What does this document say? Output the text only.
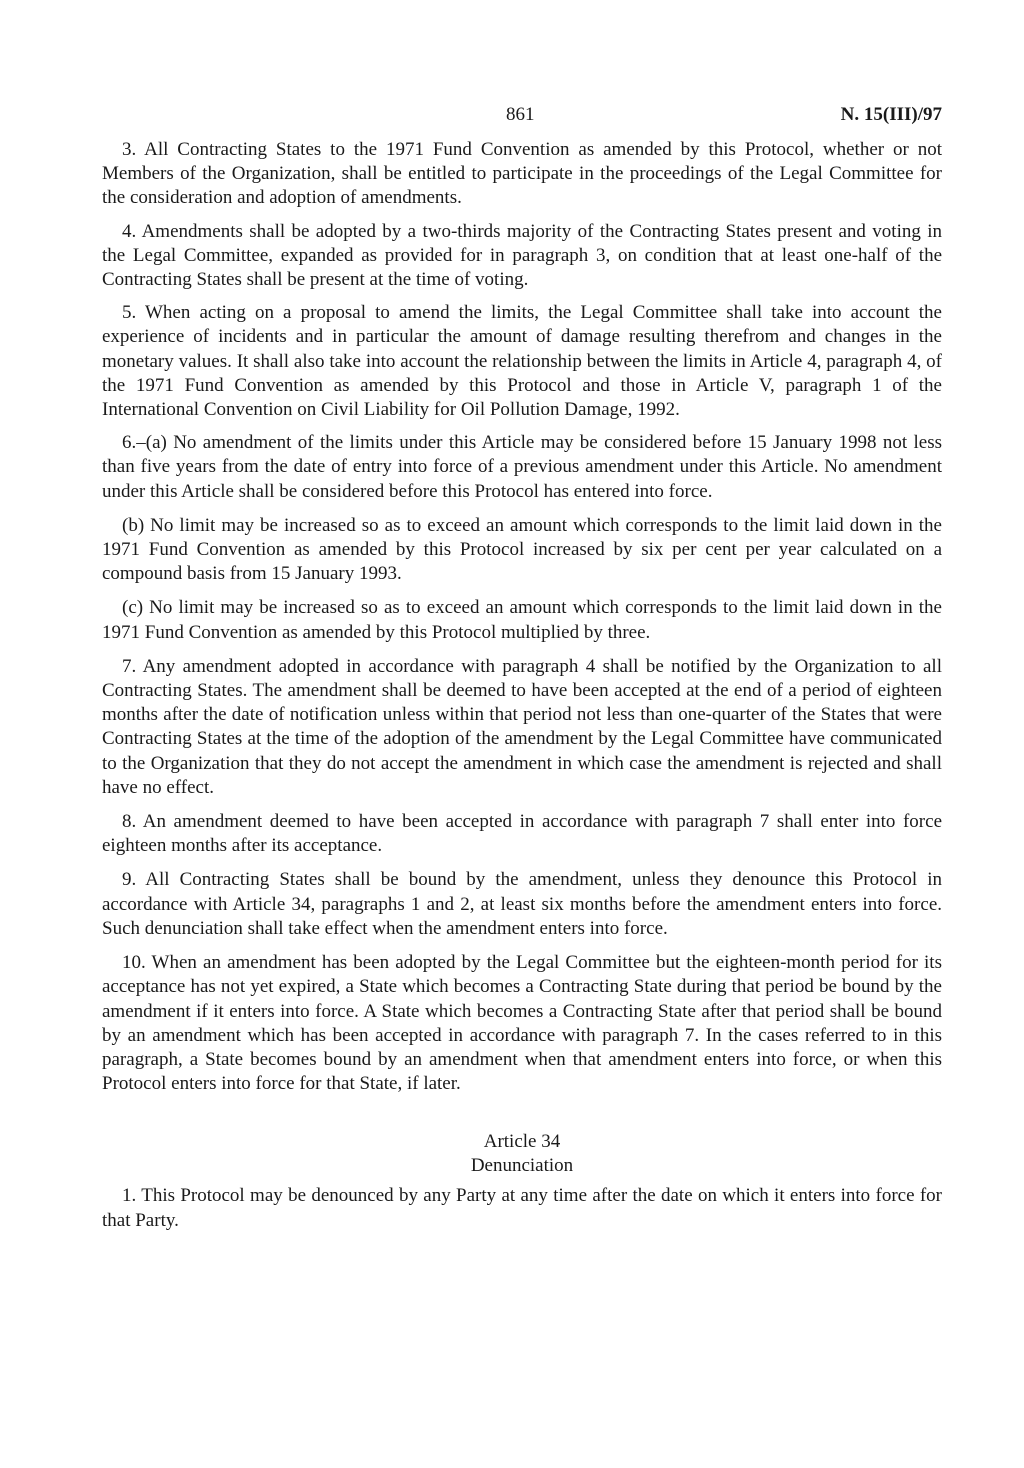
861	N. 15(III)/97

3. All Contracting States to the 1971 Fund Convention as amended by this Protocol, whether or not Members of the Organization, shall be entitled to participate in the proceedings of the Legal Committee for the consideration and adoption of amendments.

4. Amendments shall be adopted by a two-thirds majority of the Contracting States present and voting in the Legal Committee, expanded as provided for in paragraph 3, on condition that at least one-half of the Contracting States shall be present at the time of voting.

5. When acting on a proposal to amend the limits, the Legal Committee shall take into account the experience of incidents and in particular the amount of damage resulting therefrom and changes in the monetary values. It shall also take into account the relationship between the limits in Article 4, paragraph 4, of the 1971 Fund Convention as amended by this Protocol and those in Article V, paragraph 1 of the International Convention on Civil Liability for Oil Pollution Damage, 1992.

6.–(a) No amendment of the limits under this Article may be considered before 15 January 1998 not less than five years from the date of entry into force of a previous amendment under this Article. No amendment under this Article shall be considered before this Protocol has entered into force.

(b) No limit may be increased so as to exceed an amount which corresponds to the limit laid down in the 1971 Fund Convention as amended by this Protocol increased by six per cent per year calculated on a compound basis from 15 January 1993.

(c) No limit may be increased so as to exceed an amount which corresponds to the limit laid down in the 1971 Fund Convention as amended by this Protocol multiplied by three.

7. Any amendment adopted in accordance with paragraph 4 shall be notified by the Organization to all Contracting States. The amendment shall be deemed to have been accepted at the end of a period of eighteen months after the date of notification unless within that period not less than one-quarter of the States that were Contracting States at the time of the adoption of the amendment by the Legal Committee have communicated to the Organization that they do not accept the amendment in which case the amendment is rejected and shall have no effect.

8. An amendment deemed to have been accepted in accordance with paragraph 7 shall enter into force eighteen months after its acceptance.

9. All Contracting States shall be bound by the amendment, unless they denounce this Protocol in accordance with Article 34, paragraphs 1 and 2, at least six months before the amendment enters into force. Such denunciation shall take effect when the amendment enters into force.

10. When an amendment has been adopted by the Legal Committee but the eighteen-month period for its acceptance has not yet expired, a State which becomes a Contracting State during that period be bound by the amendment if it enters into force. A State which becomes a Contracting State after that period shall be bound by an amendment which has been accepted in accordance with paragraph 7. In the cases referred to in this paragraph, a State becomes bound by an amendment when that amendment enters into force, or when this Protocol enters into force for that State, if later.

Article 34
Denunciation

1. This Protocol may be denounced by any Party at any time after the date on which it enters into force for that Party.
